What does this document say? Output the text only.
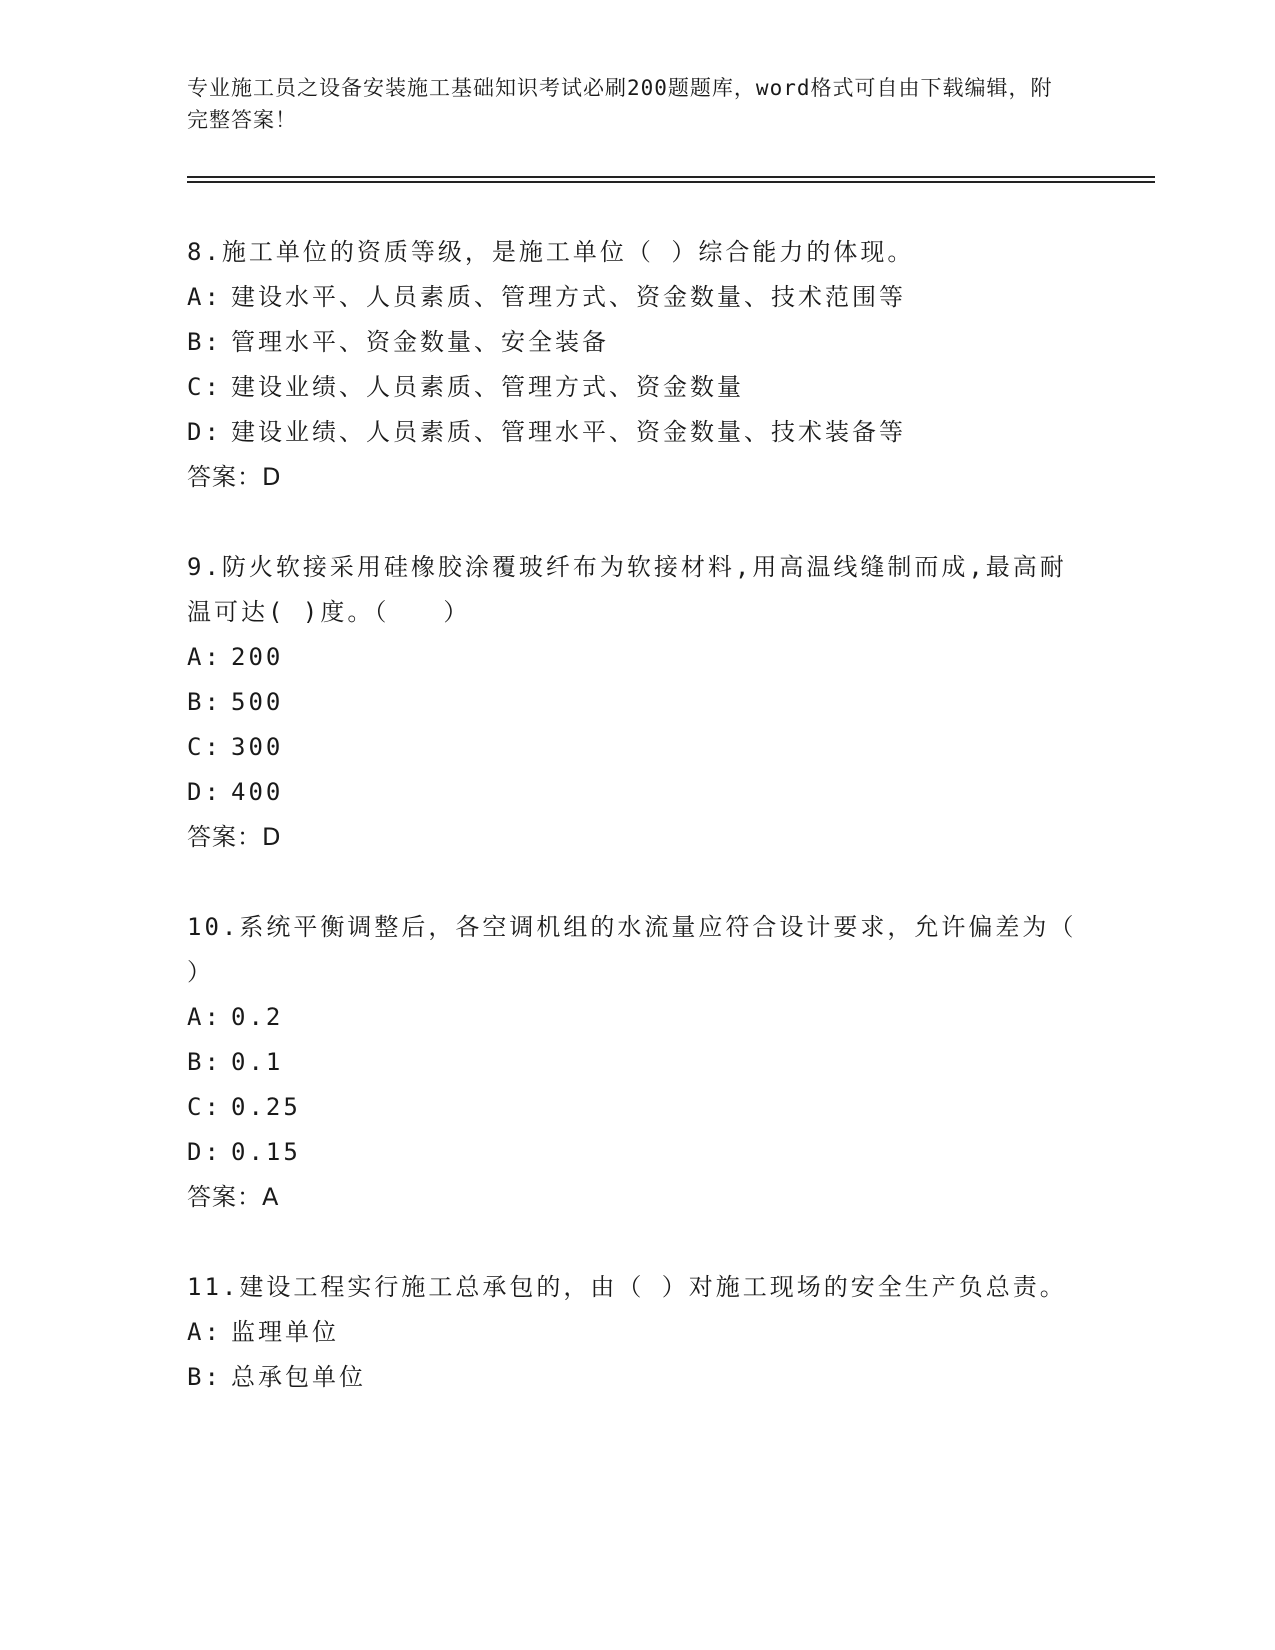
专业施工员之设备安装施工基础知识考试必刷200题题库，word格式可自由下载编辑，附完整答案！

8.施工单位的资质等级，是施工单位（ ）综合能力的体现。

A: 建设水平、人员素质、管理方式、资金数量、技术范围等

B: 管理水平、资金数量、安全装备

C: 建设业绩、人员素质、管理方式、资金数量

D: 建设业绩、人员素质、管理水平、资金数量、技术装备等

答案：D

9.防火软接采用硅橡胶涂覆玻纤布为软接材料,用高温线缝制而成,最高耐温可达( )度。（　　）

A: 200

B: 500

C: 300

D: 400

答案：D

10.系统平衡调整后，各空调机组的水流量应符合设计要求，允许偏差为（ ）

A: 0.2

B: 0.1

C: 0.25

D: 0.15

答案：A

11.建设工程实行施工总承包的，由（ ）对施工现场的安全生产负总责。

A: 监理单位

B: 总承包单位
